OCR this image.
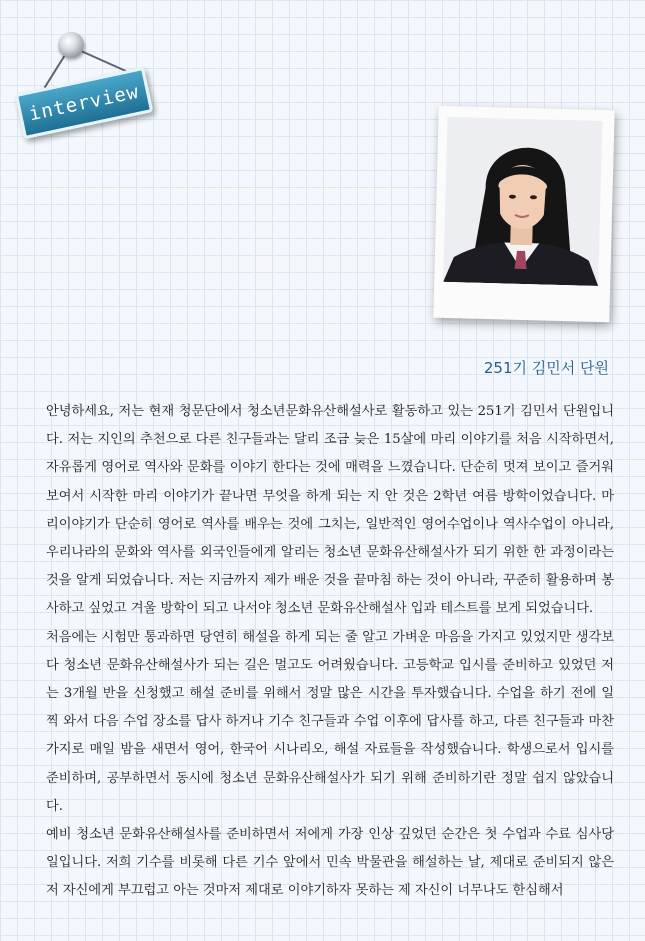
interview
251기 김민서 단원

안녕하세요, 저는 현재 청문단에서 청소년문화유산해설사로 활동하고 있는 251기 김민서 단원입니다. 저는 지인의 추천으로 다른 친구들과는 달리 조금 늦은 15살에 마리 이야기를 처음 시작하면서, 자유롭게 영어로 역사와 문화를 이야기 한다는 것에 매력을 느꼈습니다. 단순히 멋져 보이고 즐거워 보여서 시작한 마리 이야기가 끝나면 무엇을 하게 되는 지 안 것은 2학년 여름 방학이었습니다. 마리이야기가 단순히 영어로 역사를 배우는 것에 그치는, 일반적인 영어수업이나 역사수업이 아니라, 우리나라의 문화와 역사를 외국인들에게 알리는 청소년 문화유산해설사가 되기 위한 한 과정이라는 것을 알게 되었습니다. 저는 지금까지 제가 배운 것을 끝마침 하는 것이 아니라, 꾸준히 활용하며 봉사하고 싶었고 겨울 방학이 되고 나서야 청소년 문화유산해설사 입과 테스트를 보게 되었습니다.

처음에는 시험만 통과하면 당연히 해설을 하게 되는 줄 알고 가벼운 마음을 가지고 있었지만 생각보다 청소년 문화유산해설사가 되는 길은 멀고도 어려웠습니다. 고등학교 입시를 준비하고 있었던 저는 3개월 반을 신청했고 해설 준비를 위해서 정말 많은 시간을 투자했습니다. 수업을 하기 전에 일찍 와서 다음 수업 장소를 답사 하거나 기수 친구들과 수업 이후에 답사를 하고, 다른 친구들과 마찬가지로 매일 밤을 새면서 영어, 한국어 시나리오, 해설 자료들을 작성했습니다. 학생으로서 입시를 준비하며, 공부하면서 동시에 청소년 문화유산해설사가 되기 위해 준비하기란 정말 쉽지 않았습니다.

예비 청소년 문화유산해설사를 준비하면서 저에게 가장 인상 깊었던 순간은 첫 수업과 수료 심사당일입니다. 저희 기수를 비롯해 다른 기수 앞에서 민속 박물관을 해설하는 날, 제대로 준비되지 않은 저 자신에게 부끄럽고 아는 것마저 제대로 이야기하자 못하는 제 자신이 너무나도 한심해서
